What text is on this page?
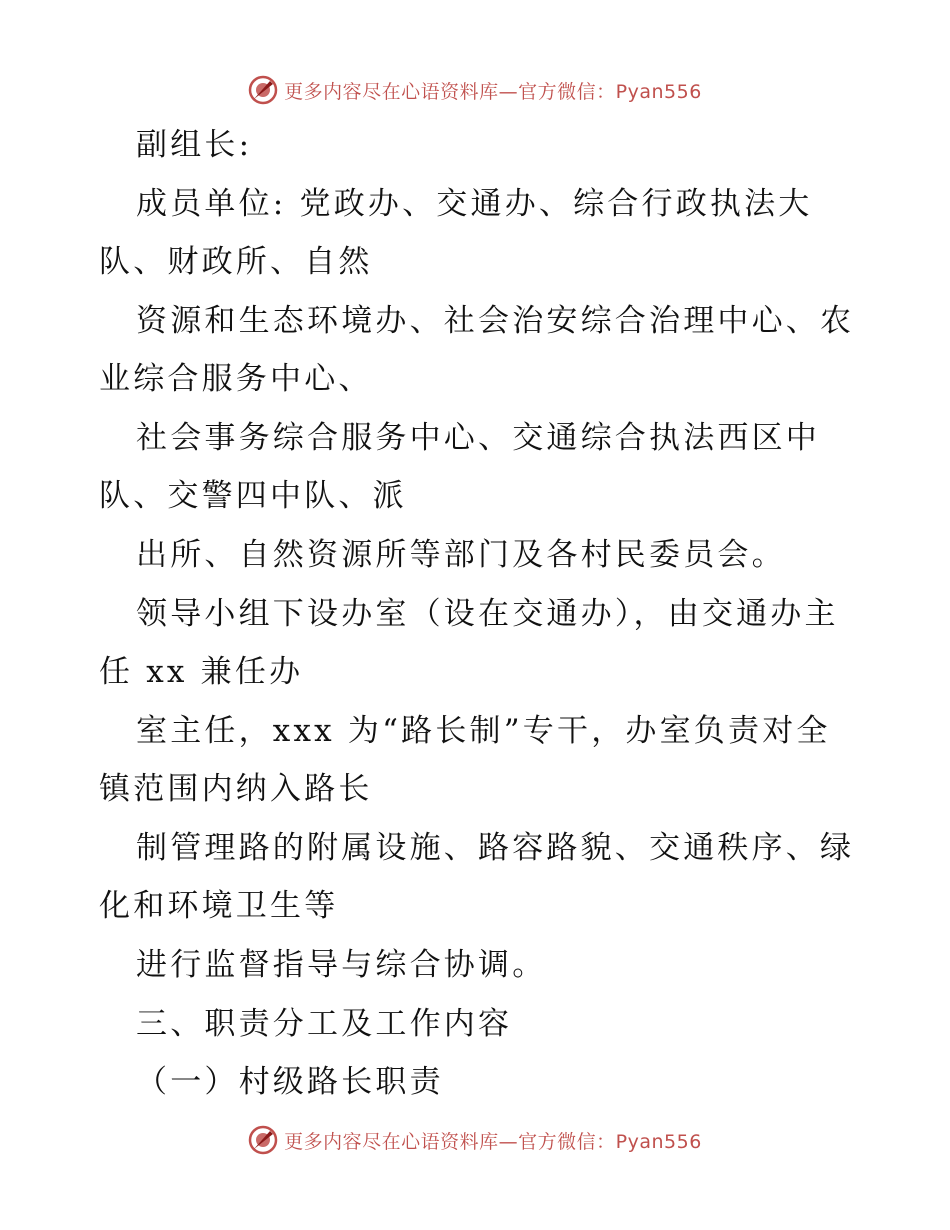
更多内容尽在心语资料库—官方微信：Pyan556
副组长:
成员单位: 党政办、交通办、综合行政执法大
队、财政所、自然
资源和生态环境办、社会治安综合治理中心、农
业综合服务中心、
社会事务综合服务中心、交通综合执法西区中
队、交警四中队、派
出所、自然资源所等部门及各村民委员会。
领导小组下设办室（设在交通办），由交通办主
任 xx 兼任办
室主任，xxx 为“路长制”专干，办室负责对全
镇范围内纳入路长
制管理路的附属设施、路容路貌、交通秩序、绿
化和环境卫生等
进行监督指导与综合协调。
三、职责分工及工作内容
（一）村级路长职责
更多内容尽在心语资料库—官方微信：Pyan556
